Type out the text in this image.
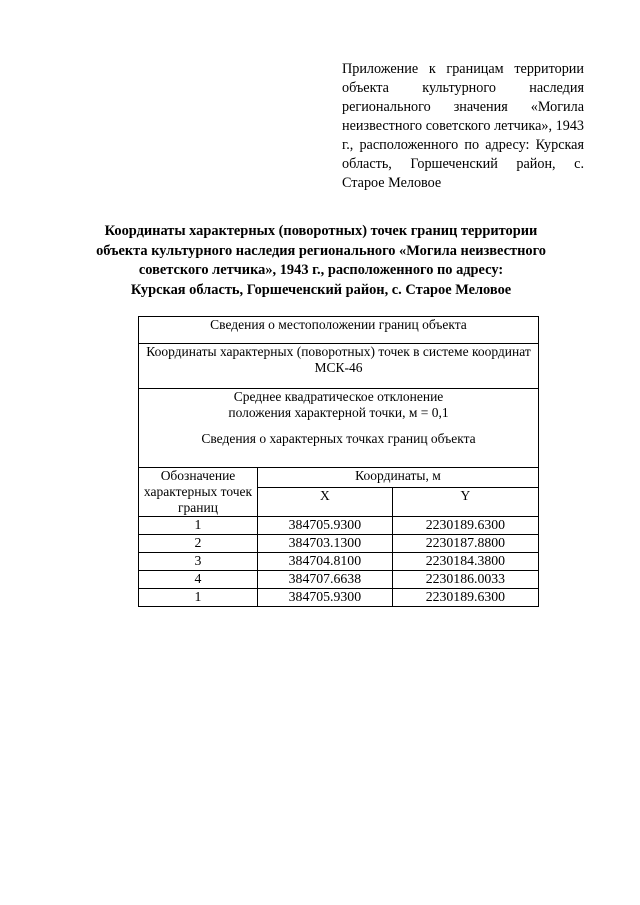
Приложение к границам территории объекта культурного наследия регионального значения «Могила неизвестного советского летчика», 1943 г., расположенного по адресу: Курская область, Горшеченский район, с. Старое Меловое
Координаты характерных (поворотных) точек границ территории
объекта культурного наследия регионального «Могила неизвестного
советского летчика», 1943 г., расположенного по адресу:
Курская область, Горшеченский район, с. Старое Меловое
Сведения о местоположении границ объекта		

Координаты характерных (поворотных) точек в системе координат
МСК-46		

Среднее квадратическое отклонение
положения характерной точки, м = 0,1
Сведения о характерных точках границ объекта		

Обозначение
характерных точек
границ	Координаты, м	
	X	Y
1	384705.9300	2230189.6300
2	384703.1300	2230187.8800
3	384704.8100	2230184.3800
4	384707.6638	2230186.0033
1	384705.9300	2230189.6300
